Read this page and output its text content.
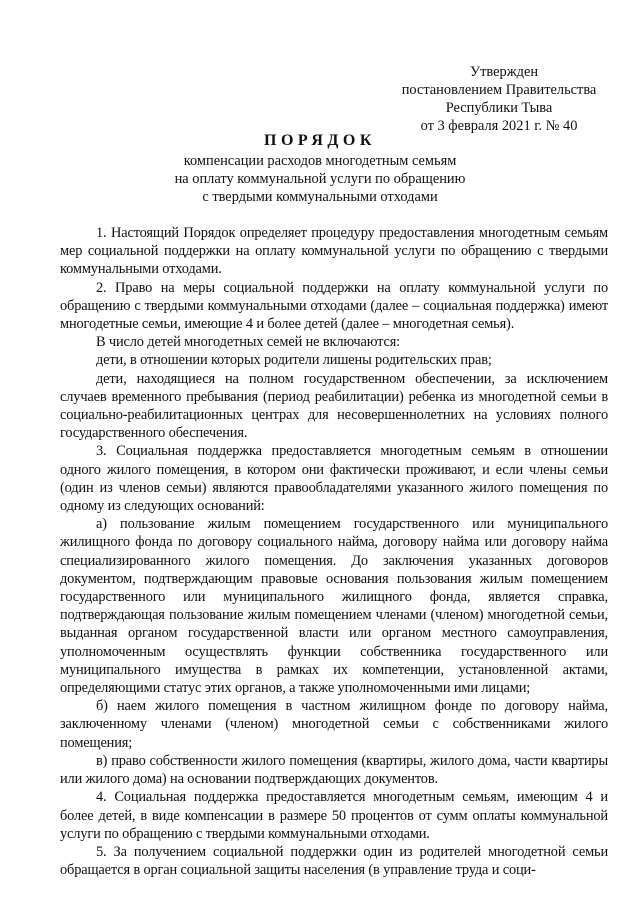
Утвержден
постановлением Правительства
Республики Тыва
от 3 февраля 2021 г. № 40
ПОРЯДОК
компенсации расходов многодетным семьям
на оплату коммунальной услуги по обращению
с твердыми коммунальными отходами

1. Настоящий Порядок определяет процедуру предоставления многодетным семьям мер социальной поддержки на оплату коммунальной услуги по обращению с твердыми коммунальными отходами.

2. Право на меры социальной поддержки на оплату коммунальной услуги по обращению с твердыми коммунальными отходами (далее – социальная поддержка) имеют многодетные семьи, имеющие 4 и более детей (далее – многодетная семья).

В число детей многодетных семей не включаются:

дети, в отношении которых родители лишены родительских прав;

дети, находящиеся на полном государственном обеспечении, за исключением случаев временного пребывания (период реабилитации) ребенка из многодетной семьи в социально-реабилитационных центрах для несовершеннолетних на условиях полного государственного обеспечения.

3. Социальная поддержка предоставляется многодетным семьям в отношении одного жилого помещения, в котором они фактически проживают, и если члены семьи (один из членов семьи) являются правообладателями указанного жилого помещения по одному из следующих оснований:

а) пользование жилым помещением государственного или муниципального жилищного фонда по договору социального найма, договору найма или договору найма специализированного жилого помещения. До заключения указанных договоров документом, подтверждающим правовые основания пользования жилым помещением государственного или муниципального жилищного фонда, является справка, подтверждающая пользование жилым помещением членами (членом) многодетной семьи, выданная органом государственной власти или органом местного самоуправления, уполномоченным осуществлять функции собственника государственного или муниципального имущества в рамках их компетенции, установленной актами, определяющими статус этих органов, а также уполномоченными ими лицами;

б) наем жилого помещения в частном жилищном фонде по договору найма, заключенному членами (членом) многодетной семьи с собственниками жилого помещения;

в) право собственности жилого помещения (квартиры, жилого дома, части квартиры или жилого дома) на основании подтверждающих документов.

4. Социальная поддержка предоставляется многодетным семьям, имеющим 4 и более детей, в виде компенсации в размере 50 процентов от сумм оплаты коммунальной услуги по обращению с твердыми коммунальными отходами.

5. За получением социальной поддержки один из родителей многодетной семьи обращается в орган социальной защиты населения (в управление труда и соци-
